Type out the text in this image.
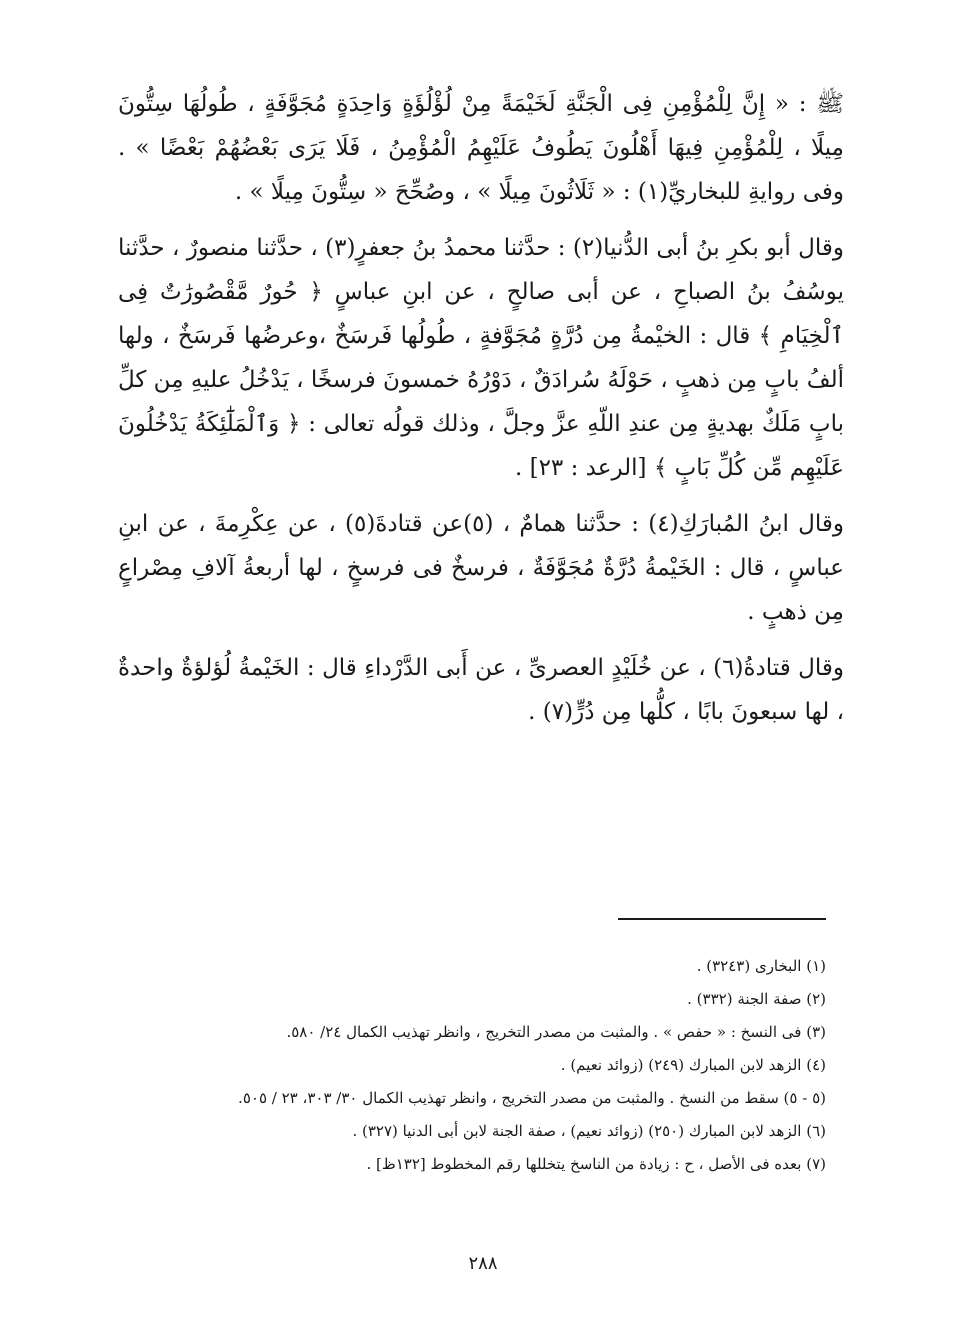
ﷺ : « إِنَّ لِلْمُؤْمِنِ فِى الْجَنَّةِ لَخَيْمَةً مِنْ لُؤْلُؤَةٍ وَاحِدَةٍ مُجَوَّفَةٍ ، طُولُهَا سِتُّونَ مِيلًا ، لِلْمُؤْمِنِ فِيهَا أَهْلُونَ يَطُوفُ عَلَيْهِمُ الْمُؤْمِنُ ، فَلَا يَرَى بَعْضُهُمْ بَعْضًا » . وفى روايةِ للبخاريِّ(١) : « ثَلَاثُونَ مِيلًا » ، وصُحِّحَ « سِتُّونَ مِيلًا » .

وقال أبو بكرِ بنُ أبى الدُّنيا(٢) : حدَّثنا محمدُ بنُ جعفرٍ(٣) ، حدَّثنا منصورٌ ، حدَّثنا يوسُفُ بنُ الصباحِ ، عن أبى صالحٍ ، عن ابنِ عباسٍ ﴿ حُورٌ مَّقْصُورَٰتٌ فِى ٱلْخِيَامِ ﴾ قال : الخيْمةُ مِن دُرَّةٍ مُجَوَّفةٍ ، طُولُها فَرسَخٌ ،وعرضُها فَرسَخٌ ، ولها ألفُ بابٍ مِن ذهبٍ ، حَوْلَهُ سُرادَقٌ ، دَوْرُهُ خمسونَ فرسخًا ، يَدْخُلُ عليهِ مِن كلِّ بابٍ مَلَكٌ بهديةٍ مِن عندِ اللّهِ عزَّ وجلَّ ، وذلك قولُه تعالى : ﴿ وَٱلْمَلَٰٓئِكَةُ يَدْخُلُونَ عَلَيْهِم مِّن كُلِّ بَابٍ ﴾ [الرعد : ٢٣] .

وقال ابنُ المُبارَكِ(٤) : حدَّثنا همامٌ ، (٥)عن قتادةَ(٥) ، عن عِكْرِمةَ ، عن ابنِ عباسٍ ، قال : الخَيْمةُ دُرَّةٌ مُجَوَّفَةٌ ، فرسخٌ فى فرسخٍ ، لها أربعةُ آلافِ مِصْراعٍ مِن ذهبٍ .

وقال قتادةُ(٦) ، عن خُلَيْدٍ العصرىِّ ، عن أَبى الدَّرْداءِ قال : الخَيْمةُ لُؤلؤةٌ واحدةٌ ، لها سبعونَ بابًا ، كلُّها مِن دُرٍّ(٧) .

(١) البخارى (٣٢٤٣) .
(٢) صفة الجنة (٣٣٢) .
(٣) فى النسخ : « حفص » . والمثبت من مصدر التخريج ، وانظر تهذيب الكمال ٢٤/ ٥٨٠.
(٤) الزهد لابن المبارك (٢٤٩) (زوائد نعيم) .
(٥ - ٥) سقط من النسخ . والمثبت من مصدر التخريج ، وانظر تهذيب الكمال ٣٠/ ٣٠٣، ٢٣ / ٥٠٥.
(٦) الزهد لابن المبارك (٢٥٠) (زوائد نعيم) ، صفة الجنة لابن أبى الدنيا (٣٢٧) .
(٧) بعده فى الأصل ، ح : زيادة من الناسخ يتخللها رقم المخطوط [١٣٢ظ] .
٢٨٨
